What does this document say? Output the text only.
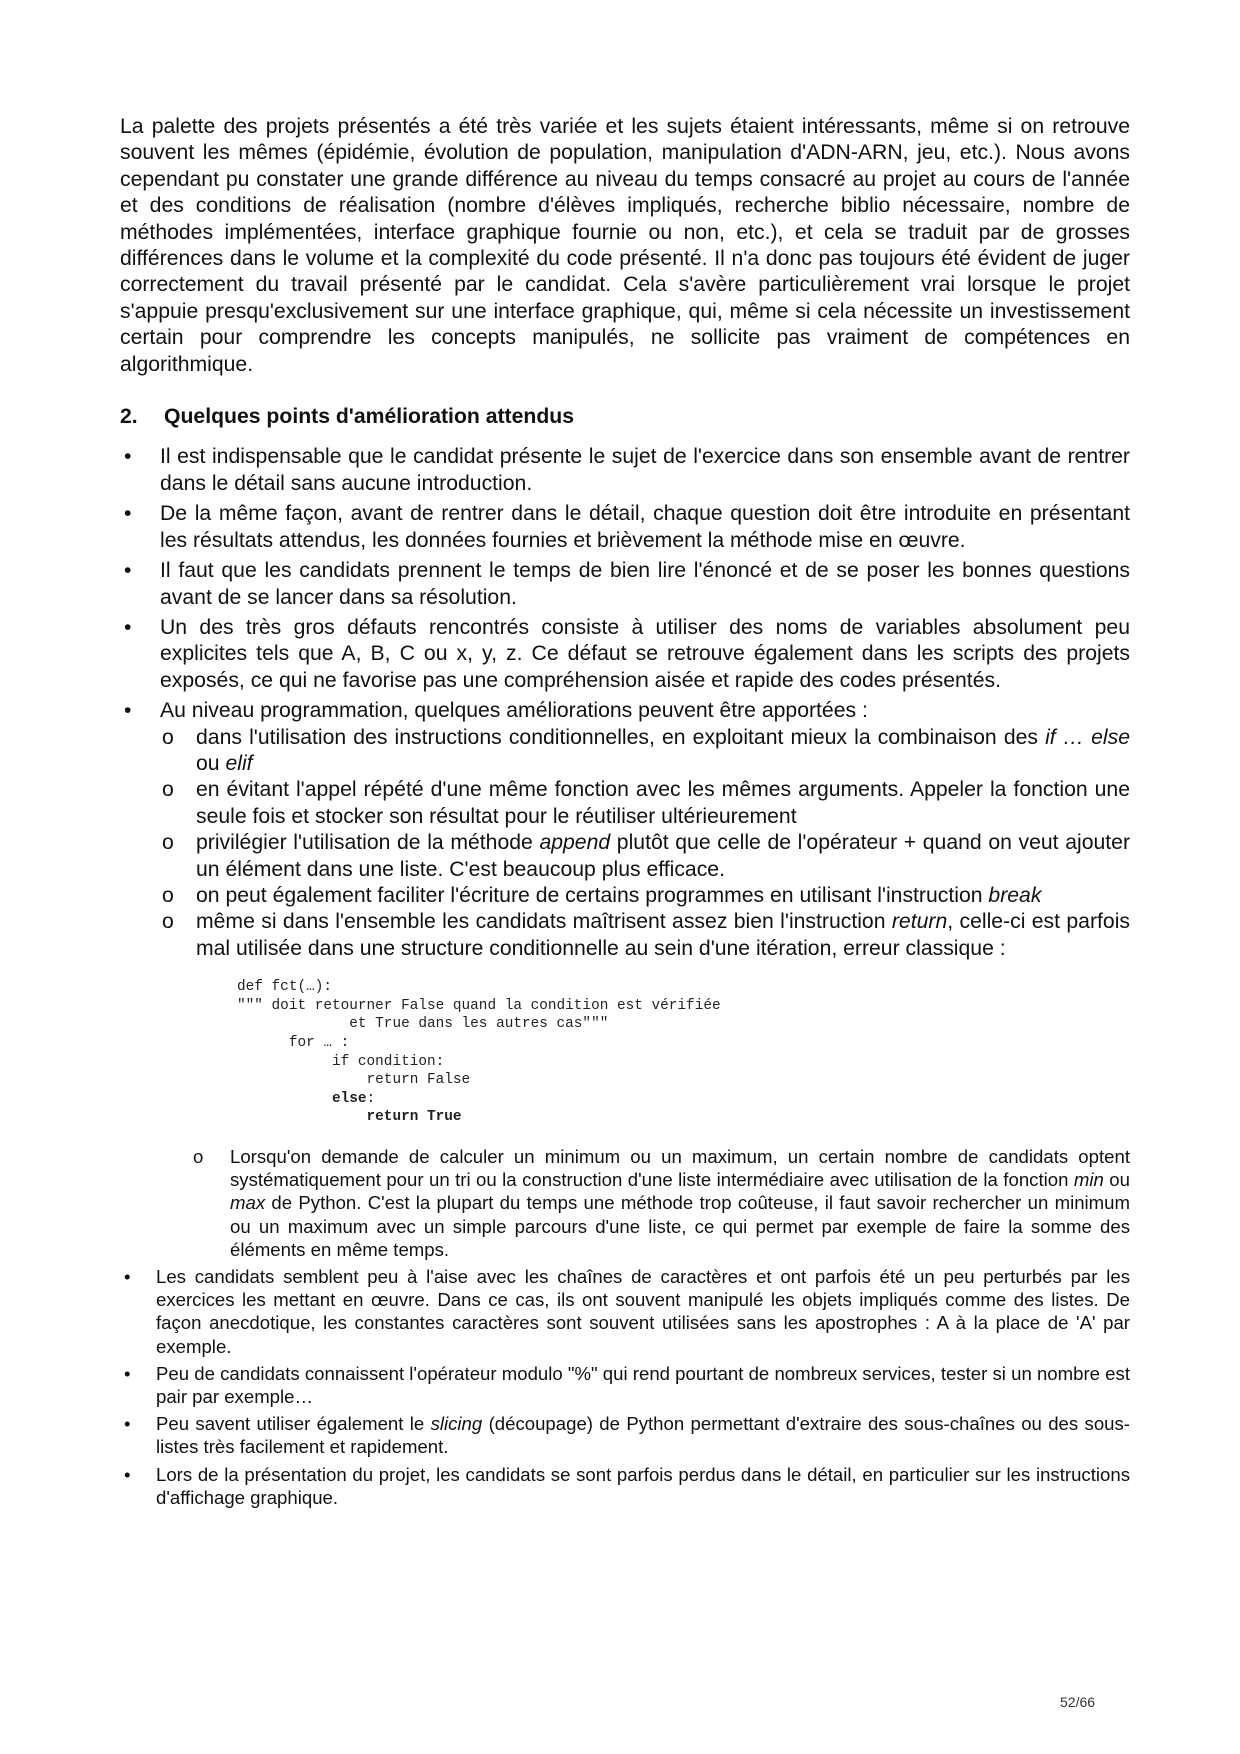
La palette des projets présentés a été très variée et les sujets étaient intéressants, même si on retrouve souvent les mêmes (épidémie, évolution de population, manipulation d'ADN-ARN, jeu, etc.). Nous avons cependant pu constater une grande différence au niveau du temps consacré au projet au cours de l'année et des conditions de réalisation (nombre d'élèves impliqués, recherche biblio nécessaire, nombre de méthodes implémentées, interface graphique fournie ou non, etc.), et cela se traduit par de grosses différences dans le volume et la complexité du code présenté. Il n'a donc pas toujours été évident de juger correctement du travail présenté par le candidat. Cela s'avère particulièrement vrai lorsque le projet s'appuie presqu'exclusivement sur une interface graphique, qui, même si cela nécessite un investissement certain pour comprendre les concepts manipulés, ne sollicite pas vraiment de compétences en algorithmique.

2. Quelques points d'amélioration attendus
• Il est indispensable que le candidat présente le sujet de l'exercice dans son ensemble avant de rentrer dans le détail sans aucune introduction.
• De la même façon, avant de rentrer dans le détail, chaque question doit être introduite en présentant les résultats attendus, les données fournies et brièvement la méthode mise en œuvre.
• Il faut que les candidats prennent le temps de bien lire l'énoncé et de se poser les bonnes questions avant de se lancer dans sa résolution.
• Un des très gros défauts rencontrés consiste à utiliser des noms de variables absolument peu explicites tels que A, B, C ou x, y, z. Ce défaut se retrouve également dans les scripts des projets exposés, ce qui ne favorise pas une compréhension aisée et rapide des codes présentés.
• Au niveau programmation, quelques améliorations peuvent être apportées :
o dans l'utilisation des instructions conditionnelles, en exploitant mieux la combinaison des if … else ou elif
o en évitant l'appel répété d'une même fonction avec les mêmes arguments. Appeler la fonction une seule fois et stocker son résultat pour le réutiliser ultérieurement
o privilégier l'utilisation de la méthode append plutôt que celle de l'opérateur + quand on veut ajouter un élément dans une liste. C'est beaucoup plus efficace.
o on peut également faciliter l'écriture de certains programmes en utilisant l'instruction break
o même si dans l'ensemble les candidats maîtrisent assez bien l'instruction return, celle-ci est parfois mal utilisée dans une structure conditionnelle au sein d'une itération, erreur classique :
def fct(…):
""" doit retourner False quand la condition est vérifiée
et True dans les autres cas"""
for … :
if condition:
return False
else:
return True
o Lorsqu'on demande de calculer un minimum ou un maximum, un certain nombre de candidats optent systématiquement pour un tri ou la construction d'une liste intermédiaire avec utilisation de la fonction min ou max de Python. C'est la plupart du temps une méthode trop coûteuse, il faut savoir rechercher un minimum ou un maximum avec un simple parcours d'une liste, ce qui permet par exemple de faire la somme des éléments en même temps.
• Les candidats semblent peu à l'aise avec les chaînes de caractères et ont parfois été un peu perturbés par les exercices les mettant en œuvre. Dans ce cas, ils ont souvent manipulé les objets impliqués comme des listes. De façon anecdotique, les constantes caractères sont souvent utilisées sans les apostrophes : A à la place de 'A' par exemple.
• Peu de candidats connaissent l'opérateur modulo "%" qui rend pourtant de nombreux services, tester si un nombre est pair par exemple…
• Peu savent utiliser également le slicing (découpage) de Python permettant d'extraire des sous-chaînes ou des sous-listes très facilement et rapidement.
• Lors de la présentation du projet, les candidats se sont parfois perdus dans le détail, en particulier sur les instructions d'affichage graphique.
52/66
